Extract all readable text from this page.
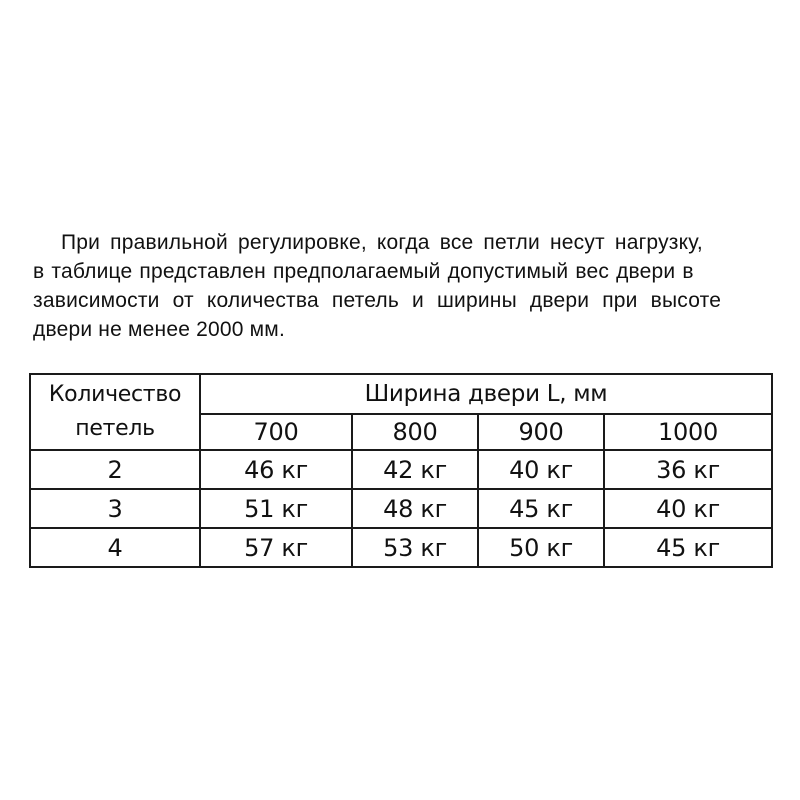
При правильной регулировке, когда все петли несут нагрузку,
в таблице представлен предполагаемый допустимый вес двери в
зависимости от количества петель и ширины двери при высоте
двери не менее 2000 мм.
Количество
петель	Ширина двери L, мм			
	700	800	900	1000
2	46 кг	42 кг	40 кг	36 кг
3	51 кг	48 кг	45 кг	40 кг
4	57 кг	53 кг	50 кг	45 кг
